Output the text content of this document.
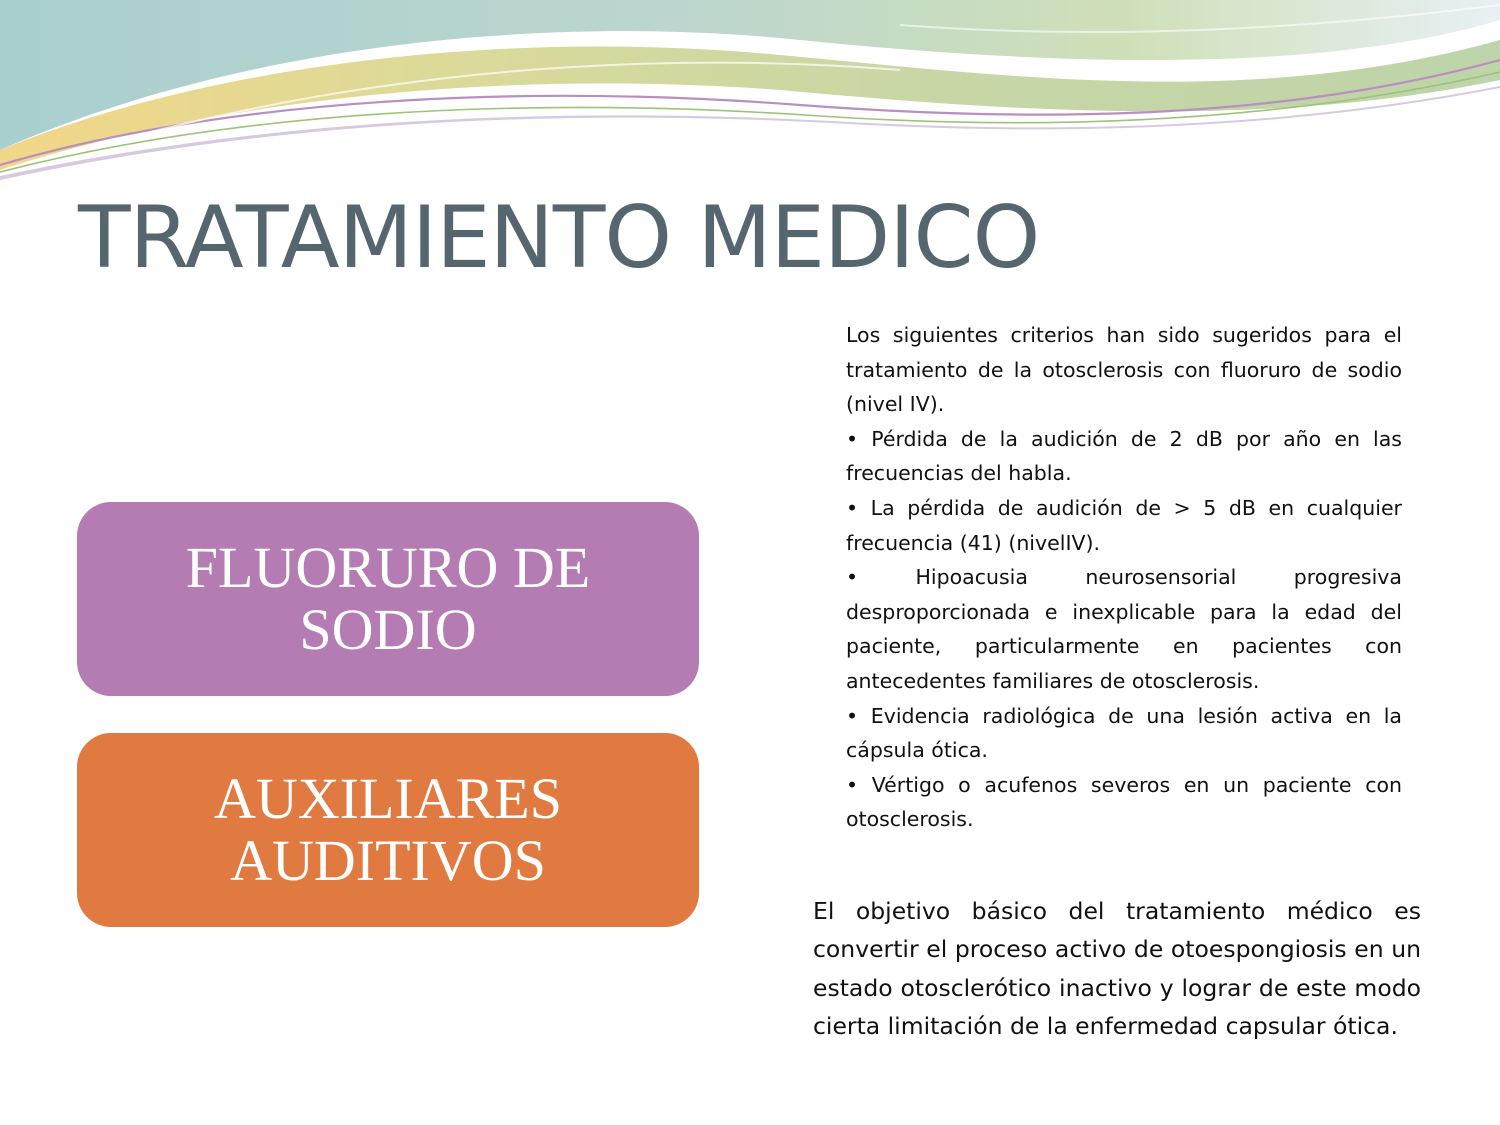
TRATAMIENTO MEDICO
FLUORURO DE
SODIO
AUXILIARES
AUDITIVOS

Los siguientes criterios han sido sugeridos para el tratamiento de la otosclerosis con fluoruro de sodio (nivel IV).

• Pérdida de la audición de 2 dB por año en las frecuencias del habla.

• La pérdida de audición de > 5 dB en cualquier frecuencia (41) (nivelIV).

• Hipoacusia neurosensorial progresiva desproporcionada e inexplicable para la edad del paciente, particularmente en pacientes con antecedentes familiares de otosclerosis.

• Evidencia radiológica de una lesión activa en la cápsula ótica.

• Vértigo o acufenos severos en un paciente con otosclerosis.

El objetivo básico del tratamiento médico es convertir el proceso activo de otoespongiosis en un estado otosclerótico inactivo y lograr de este modo cierta limitación de la enfermedad capsular ótica.
